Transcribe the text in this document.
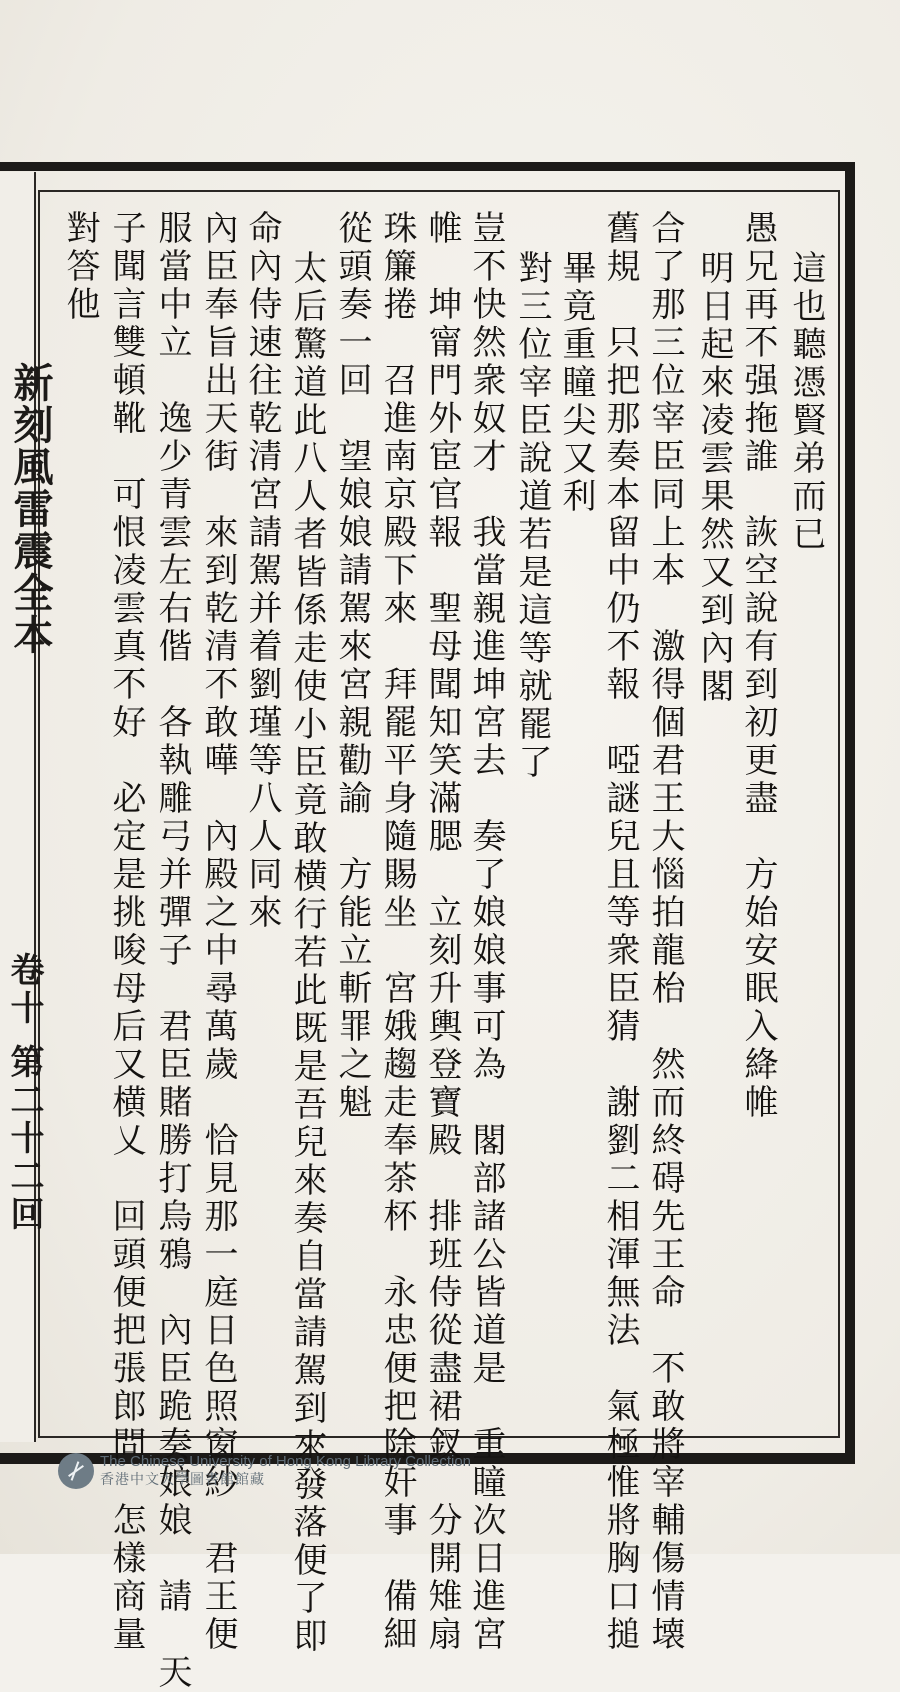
新刻風雷震全本
卷十 第二十二回
這也聽憑賢弟而已
愚兄再不强拖誰　詼空說有到初更盡　方始安眠入絳帷
明日起來凌雲果然又到內閣
合了那三位宰臣同上本　激得個君王大惱拍龍枱　然而終碍先王命　不敢將宰輔傷情壊
舊規　只把那奏本留中仍不報　啞謎兒且等衆臣猜　謝劉二相渾無法　氣極惟將胸口搥
畢竟重瞳尖又利
對三位宰臣說道若是這等就罷了
豈不快然衆奴才　我當親進坤宮去　奏了娘娘事可為　閣部諸公皆道是　重瞳次日進宮
帷　坤甯門外宦官報　聖母聞知笑滿腮　立刻升輿登寶殿　排班侍從盡裙釵　分開雉扇
珠簾捲　召進南京殿下來　拜罷平身隨賜坐　宮娥趨走奉茶杯　永忠便把除奸事　備細
從頭奏一回　望娘娘請駕來宮親勸諭　方能立斬罪之魁
太后驚道此八人者皆係走使小臣竟敢横行若此既是吾兒來奏自當請駕到來發落便了即
命內侍速往乾清宮請駕并着劉瑾等八人同來
內臣奉旨出天街　來到乾清不敢嘩　內殿之中尋萬歲　恰見那一庭日色照窗紗　君王便
服當中立　逸少青雲左右偕　各執雕弓并彈子　君臣賭勝打烏鴉　內臣跪奏娘娘　請　天
子聞言雙頓靴　可恨凌雲真不好　必定是挑唆母后又横乂　回頭便把張郎問　怎樣商量
對答他
The Chinese University of Hong Kong Library Collection
香港中文大學圖書館館藏
